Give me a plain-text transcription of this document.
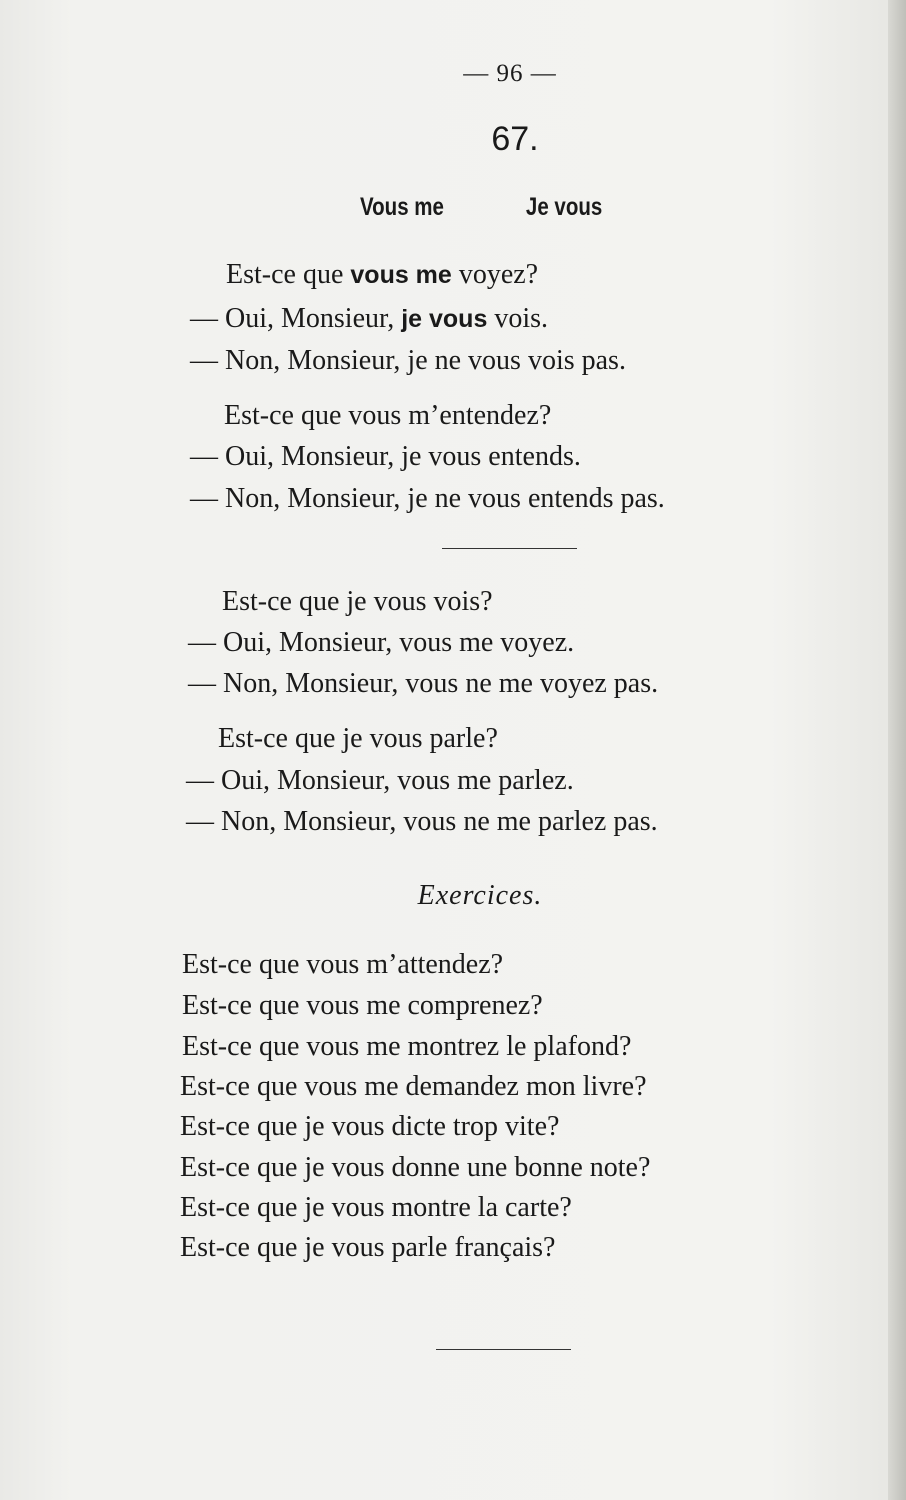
— 96 —
67.
Vous me	Je vous
Est-ce que vous me voyez?
— Oui, Monsieur, je vous vois.
— Non, Monsieur, je ne vous vois pas.
Est-ce que vous m’entendez?
— Oui, Monsieur, je vous entends.
— Non, Monsieur, je ne vous entends pas.
Est-ce que je vous vois?
— Oui, Monsieur, vous me voyez.
— Non, Monsieur, vous ne me voyez pas.
Est-ce que je vous parle?
— Oui, Monsieur, vous me parlez.
— Non, Monsieur, vous ne me parlez pas.
Exercices.
Est-ce que vous m’attendez?
Est-ce que vous me comprenez?
Est-ce que vous me montrez le plafond?
Est-ce que vous me demandez mon livre?
Est-ce que je vous dicte trop vite?
Est-ce que je vous donne une bonne note?
Est-ce que je vous montre la carte?
Est-ce que je vous parle français?
